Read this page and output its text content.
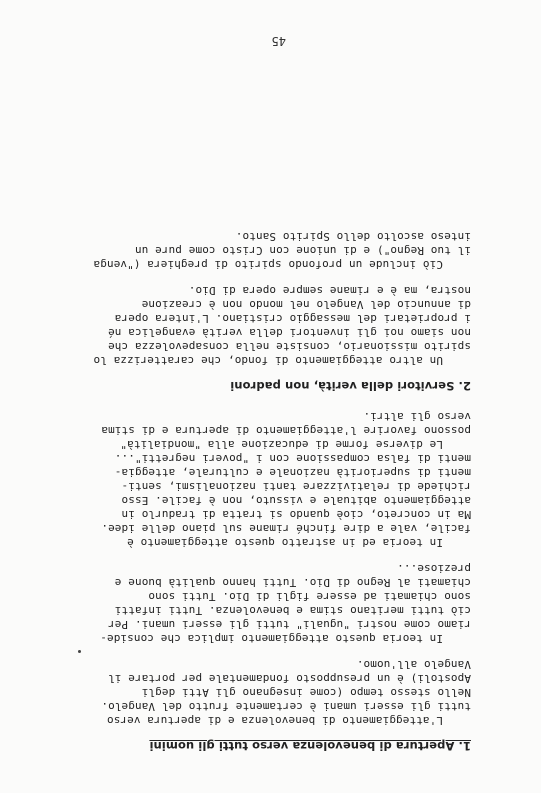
1. Apertura di benevolenza verso tutti gli uomini
L'atteggiamento di benevolenza e di apertura verso
tutti gli esseri umani è certamente frutto del Vangelo.
Nello stesso tempo (come insegnano gli Atti degli
Apostoli) è un presupposto fondamentale per portare il
Vangelo all'uomo.
In teoria questo atteggiamento implica che conside-
riamo come nostri "uguali" tutti gli esseri umani. Per
ciò tutti meritano stima e benevolenza. Tutti infatti
sono chiamati ad essere figli di Dio. Tutti sono
chiamati al Regno di Dio. Tutti hanno qualità buone e
preziose...
In teoria ed in astratto questo atteggiamento è
facile, vale a dire finché rimane sul piano delle idee.
Ma in concreto, cioè quando si tratta di tradurlo in
atteggiamento abituale e vissuto, non è facile. Esso
richiede di relativizzare tanti nazionalismi, senti-
menti di superiorità nazionale e culturale, atteggia-
menti di falsa compassione con i "poveri negretti"...
Le diverse forme di educazione alla "mondialità"
possono favorire l'atteggiamento di apertura e di stima
verso gli altri.
2. Servitori della verità, non padroni
Un altro atteggiamento di fondo, che caratterizza lo
spirito missionario, consiste nella consapevolezza che
non siamo noi gli inventori della verità evangelica né
i proprietari del messaggio cristiano. L'intera opera
di annuncio del Vangelo nel mondo non è creazione
nostra, ma è e rimane sempre opera di Dio.
Ciò include un profondo spirito di preghiera ("venga
il tuo Regno") e di unione con Cristo come pure un
inteso ascolto dello Spirito Santo.
45
